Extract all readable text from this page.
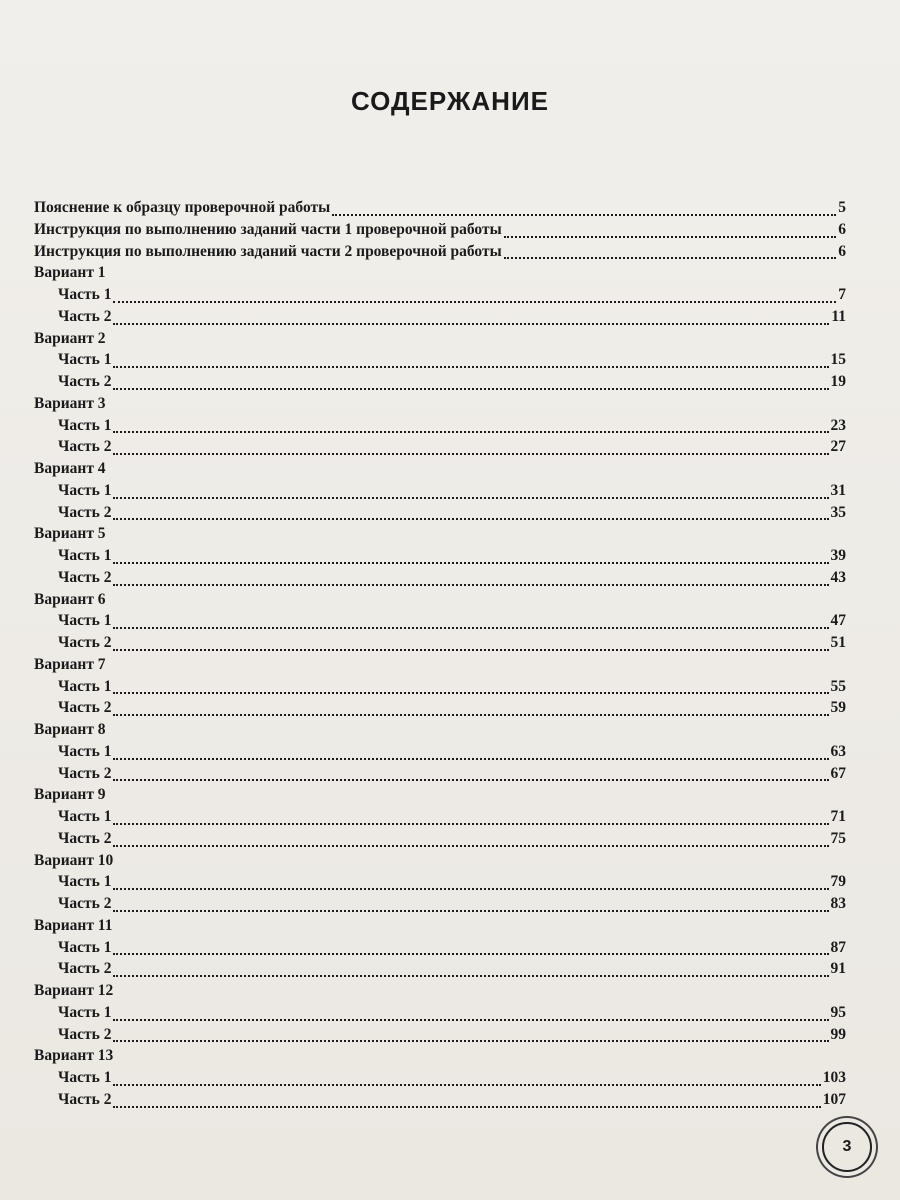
СОДЕРЖАНИЕ
Пояснение к образцу проверочной работы	5
Инструкция по выполнению заданий части 1 проверочной работы	6
Инструкция по выполнению заданий части 2 проверочной работы	6
Вариант 1
Часть 1	7
Часть 2	11
Вариант 2
Часть 1	15
Часть 2	19
Вариант 3
Часть 1	23
Часть 2	27
Вариант 4
Часть 1	31
Часть 2	35
Вариант 5
Часть 1	39
Часть 2	43
Вариант 6
Часть 1	47
Часть 2	51
Вариант 7
Часть 1	55
Часть 2	59
Вариант 8
Часть 1	63
Часть 2	67
Вариант 9
Часть 1	71
Часть 2	75
Вариант 10
Часть 1	79
Часть 2	83
Вариант 11
Часть 1	87
Часть 2	91
Вариант 12
Часть 1	95
Часть 2	99
Вариант 13
Часть 1	103
Часть 2	107
3
